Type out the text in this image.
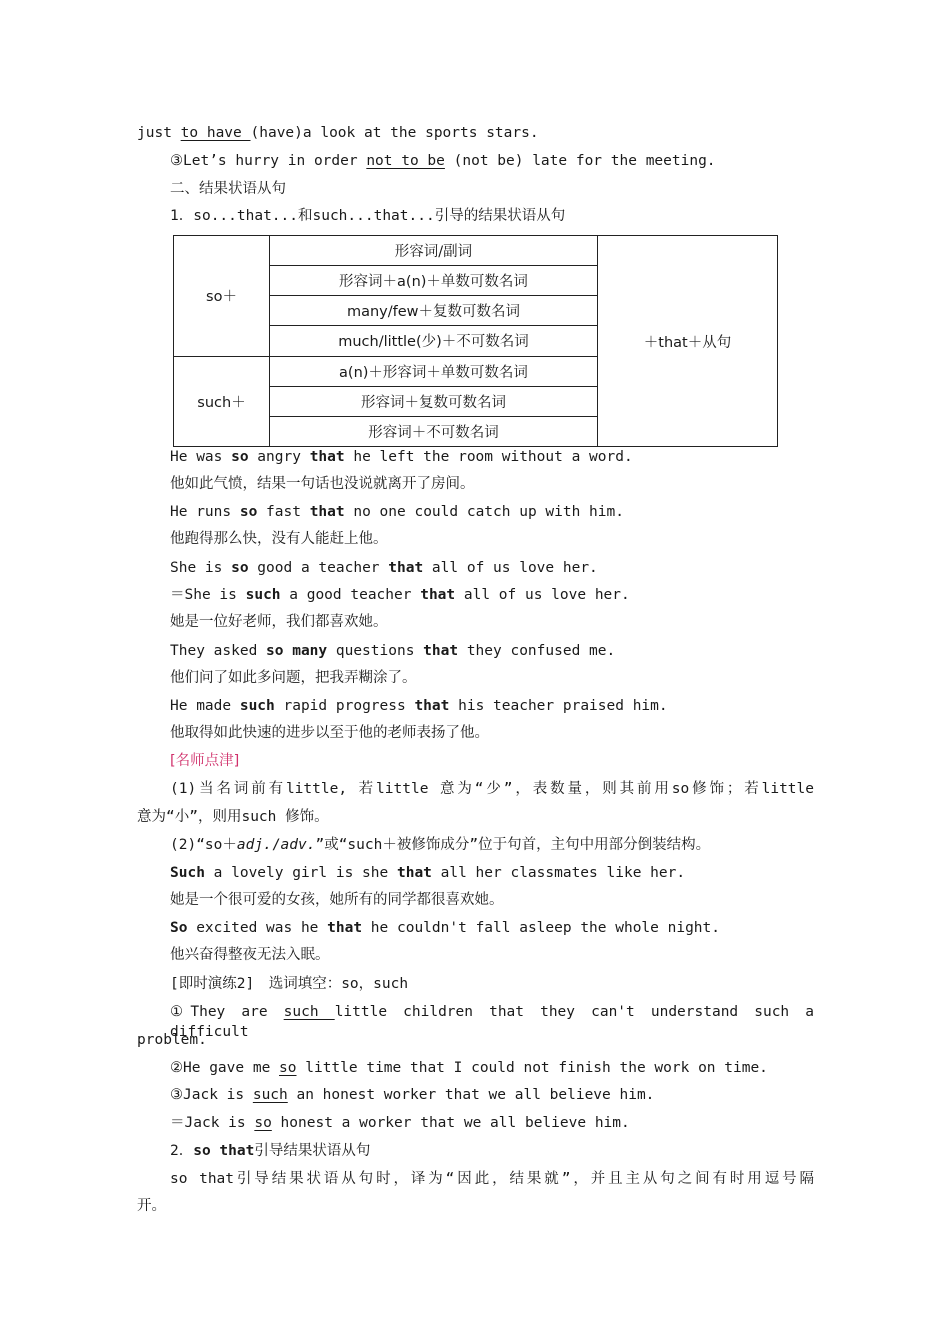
just to have (have)a look at the sports stars.
③Let’s hurry in order not to be (not be) late for the meeting.
二、结果状语从句
1．so...that...和such...that...引导的结果状语从句
so＋	形容词/副词	＋that＋从句
	形容词＋a(n)＋单数可数名词	
	many/few＋复数可数名词	
	much/little(少)＋不可数名词	
such＋	a(n)＋形容词＋单数可数名词	
	形容词＋复数可数名词	
	形容词＋不可数名词	
He was so angry that he left the room without a word.
他如此气愤，结果一句话也没说就离开了房间。
He runs so fast that no one could catch up with him.
他跑得那么快，没有人能赶上他。
She is so good a teacher that all of us love her.
＝She is such a good teacher that all of us love her.
她是一位好老师，我们都喜欢她。
They asked so many questions that they confused me.
他们问了如此多问题，把我弄糊涂了。
He made such rapid progress that his teacher praised him.
他取得如此快速的进步以至于他的老师表扬了他。
[名师点津]
(1)当名词前有little, 若little 意为“少”，表数量，则其前用so修饰；若little
意为“小”，则用such 修饰。
(2)“so＋adj./adv.”或“such＋被修饰成分”位于句首，主句中用部分倒装结构。
Such a lovely girl is she that all her classmates like her.
她是一个很可爱的女孩，她所有的同学都很喜欢她。
So excited was he that he couldn't fall asleep the whole night.
他兴奋得整夜无法入眠。
[即时演练2]　选词填空：so，such
①They are such little children that they can't understand such a difficult
problem.
②He gave me so little time that I could not finish the work on time.
③Jack is such an honest worker that we all believe him.
＝Jack is so honest a worker that we all believe him.
2．so that引导结果状语从句
so that引导结果状语从句时，译为“因此，结果就”，并且主从句之间有时用逗号隔
开。
